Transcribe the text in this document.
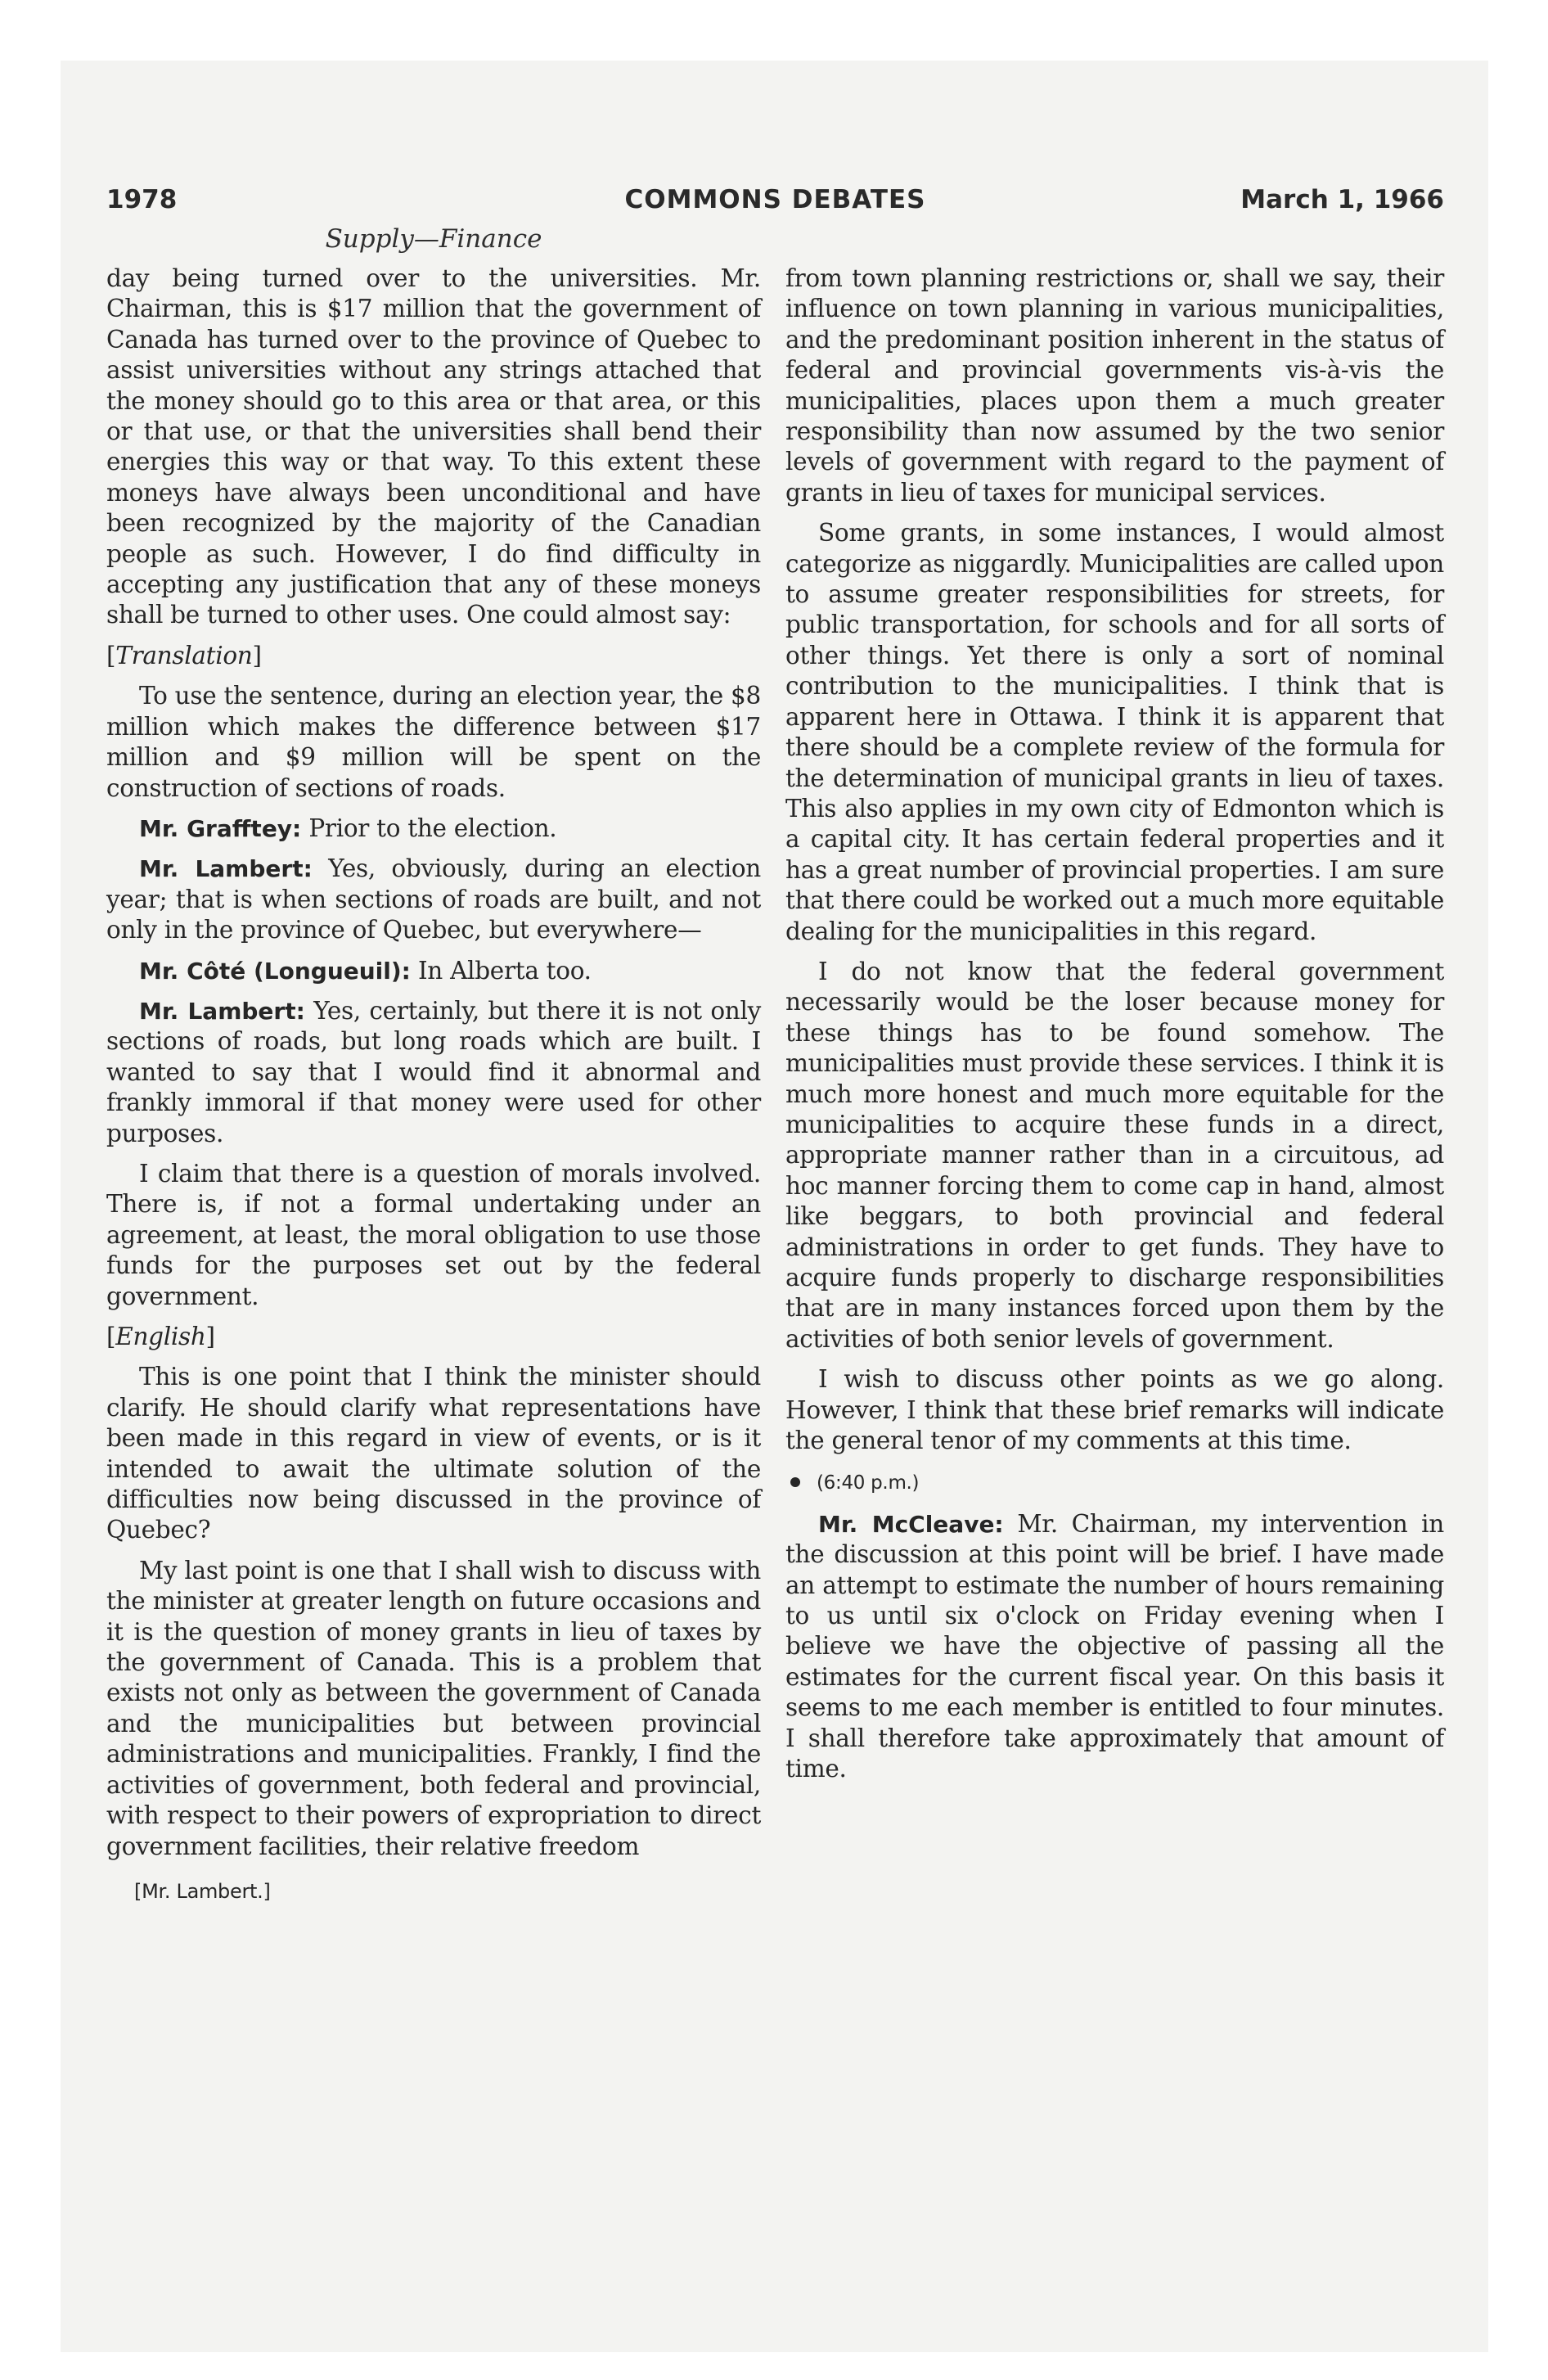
1978	COMMONS DEBATES	March 1, 1966
Supply—Finance

day being turned over to the universities. Mr. Chairman, this is $17 million that the government of Canada has turned over to the province of Quebec to assist universities without any strings attached that the money should go to this area or that area, or this or that use, or that the universities shall bend their energies this way or that way. To this extent these moneys have always been unconditional and have been recognized by the majority of the Canadian people as such. However, I do find difficulty in accepting any justification that any of these moneys shall be turned to other uses. One could almost say:

[Translation]

To use the sentence, during an election year, the $8 million which makes the difference between $17 million and $9 million will be spent on the construction of sections of roads.

Mr. Grafftey: Prior to the election.

Mr. Lambert: Yes, obviously, during an election year; that is when sections of roads are built, and not only in the province of Quebec, but everywhere—

Mr. Côté (Longueuil): In Alberta too.

Mr. Lambert: Yes, certainly, but there it is not only sections of roads, but long roads which are built. I wanted to say that I would find it abnormal and frankly immoral if that money were used for other purposes.

I claim that there is a question of morals involved. There is, if not a formal undertaking under an agreement, at least, the moral obligation to use those funds for the purposes set out by the federal government.

[English]

This is one point that I think the minister should clarify. He should clarify what representations have been made in this regard in view of events, or is it intended to await the ultimate solution of the difficulties now being discussed in the province of Quebec?

My last point is one that I shall wish to discuss with the minister at greater length on future occasions and it is the question of money grants in lieu of taxes by the government of Canada. This is a problem that exists not only as between the government of Canada and the municipalities but between provincial administrations and municipalities. Frankly, I find the activities of government, both federal and provincial, with respect to their powers of expropriation to direct government facilities, their relative freedom

[Mr. Lambert.]

from town planning restrictions or, shall we say, their influence on town planning in various municipalities, and the predominant position inherent in the status of federal and provincial governments vis-à-vis the municipalities, places upon them a much greater responsibility than now assumed by the two senior levels of government with regard to the payment of grants in lieu of taxes for municipal services.

Some grants, in some instances, I would almost categorize as niggardly. Municipalities are called upon to assume greater responsibilities for streets, for public transportation, for schools and for all sorts of other things. Yet there is only a sort of nominal contribution to the municipalities. I think that is apparent here in Ottawa. I think it is apparent that there should be a complete review of the formula for the determination of municipal grants in lieu of taxes. This also applies in my own city of Edmonton which is a capital city. It has certain federal properties and it has a great number of provincial properties. I am sure that there could be worked out a much more equitable dealing for the municipalities in this regard.

I do not know that the federal government necessarily would be the loser because money for these things has to be found somehow. The municipalities must provide these services. I think it is much more honest and much more equitable for the municipalities to acquire these funds in a direct, appropriate manner rather than in a circuitous, ad hoc manner forcing them to come cap in hand, almost like beggars, to both provincial and federal administrations in order to get funds. They have to acquire funds properly to discharge responsibilities that are in many instances forced upon them by the activities of both senior levels of government.

I wish to discuss other points as we go along. However, I think that these brief remarks will indicate the general tenor of my comments at this time.

(6:40 p.m.)

Mr. McCleave: Mr. Chairman, my intervention in the discussion at this point will be brief. I have made an attempt to estimate the number of hours remaining to us until six o'clock on Friday evening when I believe we have the objective of passing all the estimates for the current fiscal year. On this basis it seems to me each member is entitled to four minutes. I shall therefore take approximately that amount of time.
